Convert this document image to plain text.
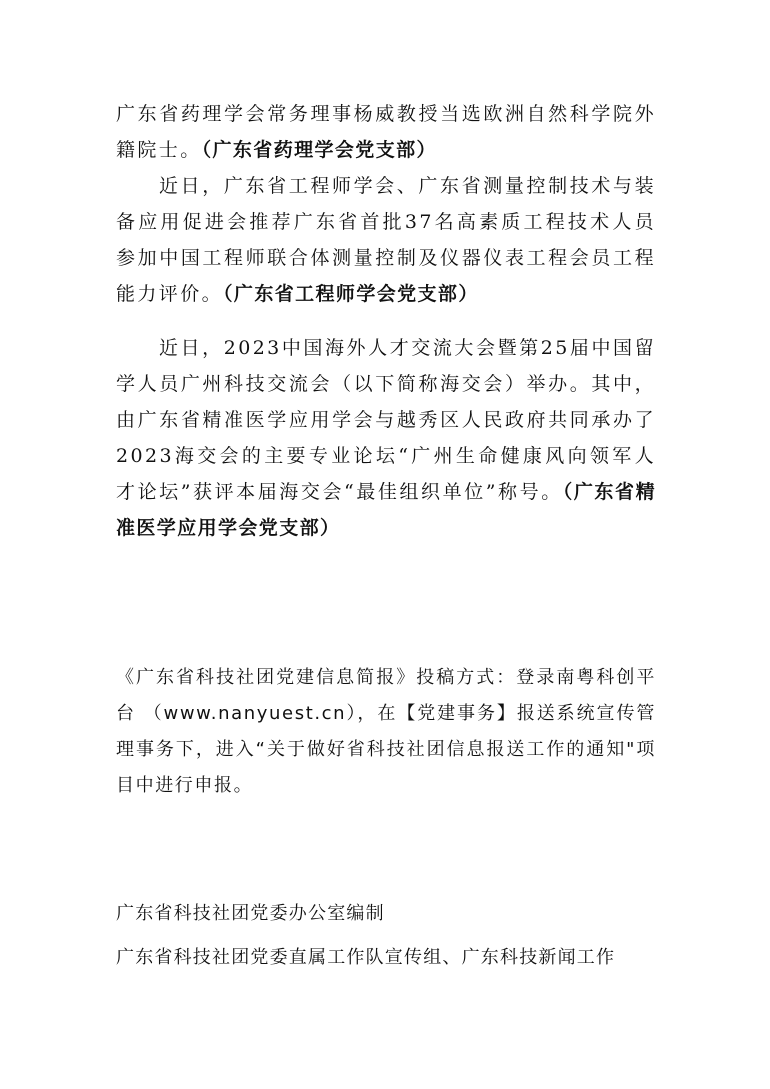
广东省药理学会常务理事杨威教授当选欧洲自然科学院外籍院士。（广东省药理学会党支部）

近日，广东省工程师学会、广东省测量控制技术与装备应用促进会推荐广东省首批37名高素质工程技术人员参加中国工程师联合体测量控制及仪器仪表工程会员工程能力评价。（广东省工程师学会党支部）

近日，2023中国海外人才交流大会暨第25届中国留学人员广州科技交流会（以下简称海交会）举办。其中，由广东省精准医学应用学会与越秀区人民政府共同承办了2023海交会的主要专业论坛“广州生命健康风向领军人才论坛”获评本届海交会“最佳组织单位”称号。（广东省精准医学应用学会党支部）

《广东省科技社团党建信息简报》投稿方式：登录南粤科创平台 （www.nanyuest.cn），在【党建事务】报送系统宣传管理事务下，进入“关于做好省科技社团信息报送工作的通知"项目中进行申报。

广东省科技社团党委办公室编制

广东省科技社团党委直属工作队宣传组、广东科技新闻工作
